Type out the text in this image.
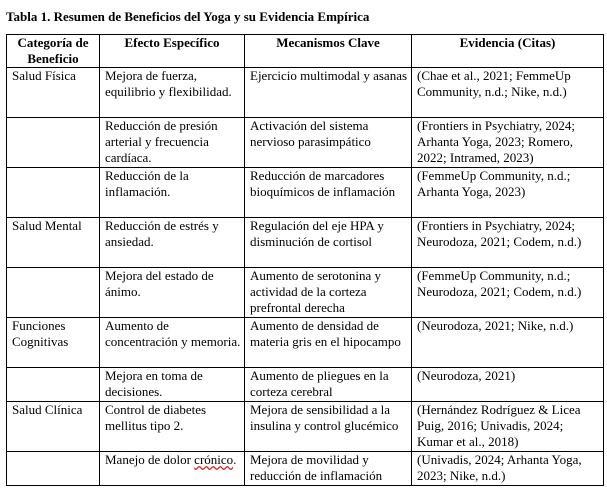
Tabla 1. Resumen de Beneficios del Yoga y su Evidencia Empírica
Categoría de Beneficio	Efecto Específico	Mecanismos Clave	Evidencia (Citas)
Salud Física	Mejora de fuerza, equilibrio y flexibilidad.	Ejercicio multimodal y asanas	(Chae et al., 2021; FemmeUp Community, n.d.; Nike, n.d.)
	Reducción de presión arterial y frecuencia cardíaca.	Activación del sistema nervioso parasimpático	(Frontiers in Psychiatry, 2024; Arhanta Yoga, 2023; Romero, 2022; Intramed, 2023)
	Reducción de la inflamación.	Reducción de marcadores bioquímicos de inflamación	(FemmeUp Community, n.d.; Arhanta Yoga, 2023)
Salud Mental	Reducción de estrés y ansiedad.	Regulación del eje HPA y disminución de cortisol	(Frontiers in Psychiatry, 2024; Neurodoza, 2021; Codem, n.d.)
	Mejora del estado de ánimo.	Aumento de serotonina y actividad de la corteza prefrontal derecha	(FemmeUp Community, n.d.; Neurodoza, 2021; Codem, n.d.)
Funciones Cognitivas	Aumento de concentración y memoria.	Aumento de densidad de materia gris en el hipocampo	(Neurodoza, 2021; Nike, n.d.)
	Mejora en toma de decisiones.	Aumento de pliegues en la corteza cerebral	(Neurodoza, 2021)
Salud Clínica	Control de diabetes mellitus tipo 2.	Mejora de sensibilidad a la insulina y control glucémico	(Hernández Rodríguez & Licea Puig, 2016; Univadis, 2024; Kumar et al., 2018)
	Manejo de dolor crónico.	Mejora de movilidad y reducción de inflamación	(Univadis, 2024; Arhanta Yoga, 2023; Nike, n.d.)
